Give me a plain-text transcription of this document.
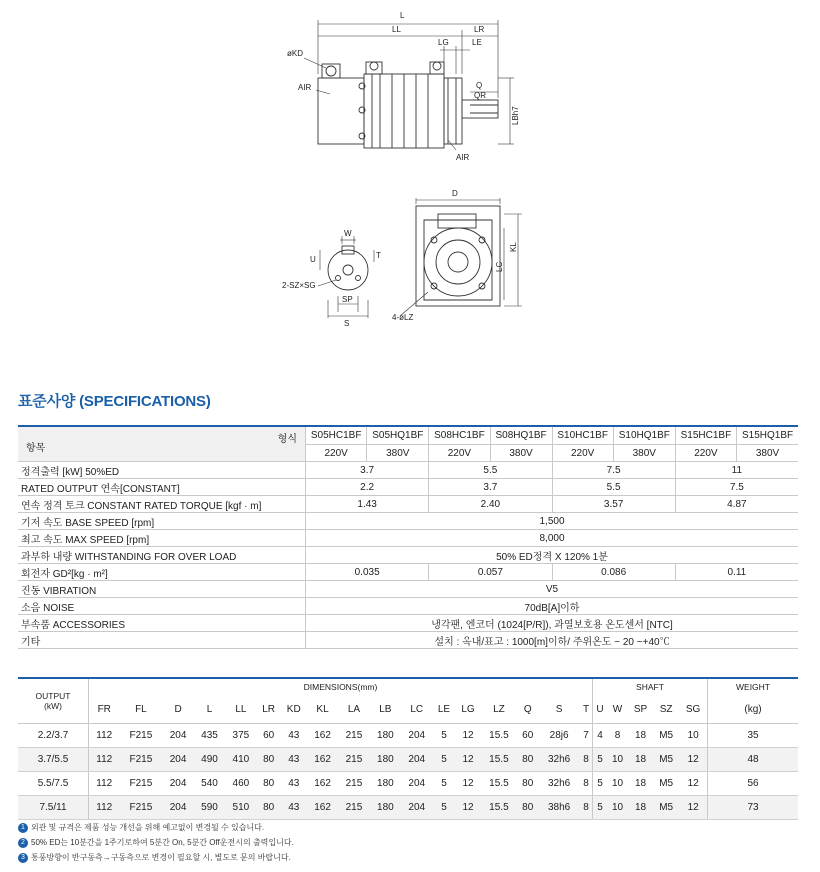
L
LL	LR
LG	LE
øKD
AIR
AIR
Q
QR
LBh7
D
KL
LC
4-øLZ
W
U	T
2-SZ×SG
SP
S
표준사양 (SPECIFICATIONS)
항목
형식	S05HC1BF	S05HQ1BF	S08HC1BF	S08HQ1BF	S10HC1BF	S10HQ1BF	S15HC1BF	S15HQ1BF
	220V	380V	220V	380V	220V	380V	220V	380V
정격출력 [kW] 50%ED	3.7		5.5		7.5		11	
RATED OUTPUT 연속[CONSTANT]	2.2		3.7		5.5		7.5	
연속 정격 토크 CONSTANT RATED TORQUE [kgf · m]	1.43		2.40		3.57		4.87	
기저 속도 BASE SPEED [rpm]	1,500							
최고 속도 MAX SPEED [rpm]	8,000							
과부하 내량 WITHSTANDING FOR OVER LOAD	50% ED정격 X 120% 1분							
회전자 GD²[kg · m²]	0.035		0.057		0.086		0.11	
진동 VIBRATION	V5							
소음 NOISE	70dB[A]이하							
부속품 ACCESSORIES	냉각팬, 엔코더 (1024[P/R]), 과열보호용 온도센서 [NTC]							
기타	설치 : 옥내/표고 : 1000[m]이하/ 주위온도 − 20 ~+40℃							
OUTPUT
(kW)	DIMENSIONS(mm)																	SHAFT					WEIGHT
	FR	FL	D	L	LL	LR	KD	KL	LA	LB	LC	LE	LG	LZ	Q	S	T	U	W	SP	SZ	SG	(kg)
2.2/3.7	112	F215	204	435	375	60	43	162	215	180	204	5	12	15.5	60	28j6	7	4	8	18	M5	10	35
3.7/5.5	112	F215	204	490	410	80	43	162	215	180	204	5	12	15.5	80	32h6	8	5	10	18	M5	12	48
5.5/7.5	112	F215	204	540	460	80	43	162	215	180	204	5	12	15.5	80	32h6	8	5	10	18	M5	12	56
7.5/11	112	F215	204	590	510	80	43	162	215	180	204	5	12	15.5	80	38h6	8	5	10	18	M5	12	73
1 외관 및 규격은 제품 성능 개선을 위해 예고없이 변경될 수 있습니다.
2 50% ED는 10분간을 1주기로하여 5분간 On, 5분간 Off운전시의 출력입니다.
3 통풍방향이 반구동측→구동측으로 변경이 필요할 시, 별도로 문의 바랍니다.
